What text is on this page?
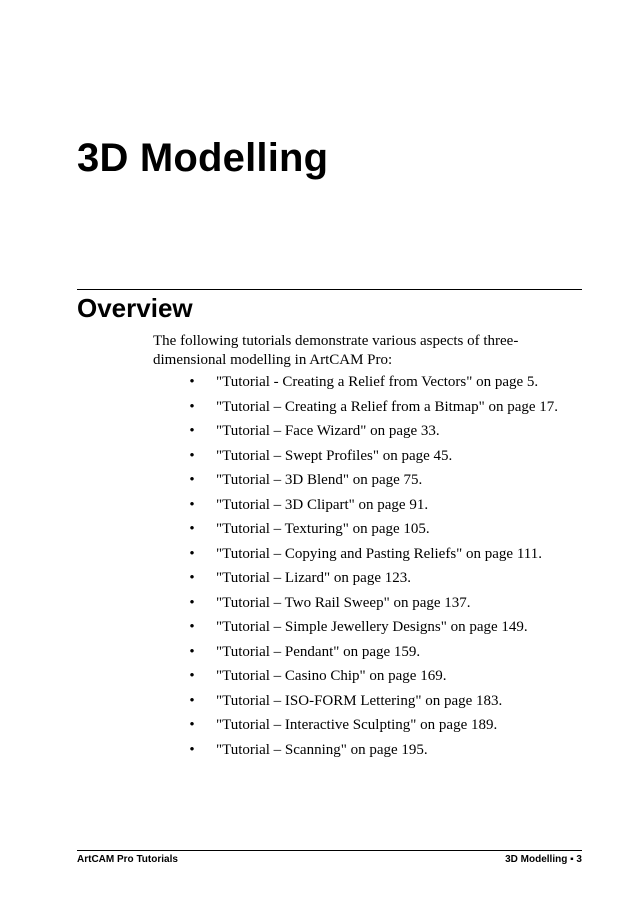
3D Modelling
Overview

The following tutorials demonstrate various aspects of three-
dimensional modelling in ArtCAM Pro:

• "Tutorial - Creating a Relief from Vectors" on page 5.
• "Tutorial – Creating a Relief from a Bitmap" on page 17.
• "Tutorial – Face Wizard" on page 33.
• "Tutorial – Swept Profiles" on page 45.
• "Tutorial – 3D Blend" on page 75.
• "Tutorial – 3D Clipart" on page 91.
• "Tutorial – Texturing" on page 105.
• "Tutorial – Copying and Pasting Reliefs" on page 111.
• "Tutorial – Lizard" on page 123.
• "Tutorial – Two Rail Sweep" on page 137.
• "Tutorial – Simple Jewellery Designs" on page 149.
• "Tutorial – Pendant" on page 159.
• "Tutorial – Casino Chip" on page 169.
• "Tutorial – ISO-FORM Lettering" on page 183.
• "Tutorial – Interactive Sculpting" on page 189.
• "Tutorial – Scanning" on page 195.
ArtCAM Pro Tutorials	3D Modelling ▪ 3
